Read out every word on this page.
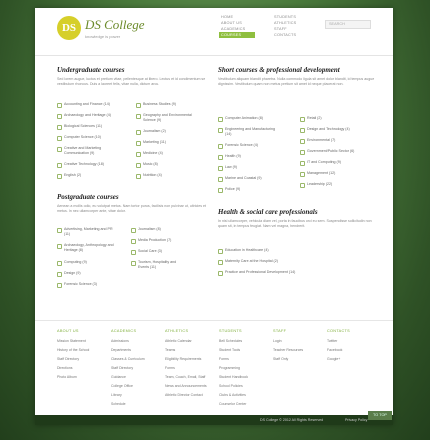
DS DS College
knowledge is power
HOME
ABOUT US
ACADEMICS
COURSES
STUDENTS
ATHLETICS
STAFF
CONTACTS
SEARCH
Undergraduate courses
Sed lorem augue, luctus et pretium vitae, pellentesque at libero. Lectus et id condimentum se vestibulum rhoncus. Duis a laoreet felis, vitae nulla, dictum arcu.
Accounting and Finance (14)
Archaeology and Heritage (4)
Biological Sciences (11)
Computer Science (10)
Creative and Marketing Communication (9)
Creative Technology (18)
English (2)
Business Studies (9)
Geography and Environmental Science (9)
Journalism (2)
Marketing (11)
Medicine (4)
Music (8)
Nutrition (4)
Short courses & professional development
Vestibulum aliquam blandit pharetra. Nulla commodo ligula sit amet dolor blandit, id tempus augue dignissim. Vestibulum quam non metus pretium sit amet id neque placerat non.
Computer Animation (8)
Engineering and Manufacturing (14)
Forensic Science (4)
Health (9)
Law (9)
Marine and Coastal (9)
Police (9)
Retail (2)
Design and Technology (4)
Environmental (7)
Government/Public Sector (6)
IT and Computing (9)
Management (12)
Leadership (22)
Postgraduate courses
Aenean a mollis odio, eu volutpat metus. Nam tortor purus, facilisis non pulvinar ut, ultricies et metus. In nec ullamcorper ante, vitae dolor.
Advertising, Marketing and PR (11)
Archaeology, Anthropology and Heritage (8)
Computing (9)
Design (9)
Forensic Science (3)
Journalism (8)
Media Production (7)
Social Care (3)
Tourism, Hospitality and Events (11)
Health & social care professionals
In nisi ullamcorper, vehicula diam vel, porta in faucibus orci eu sem. Suspendisse sollicitudin non quam sit, in tempus feugiat. Nam vel magna, hendrerit.
Education in Healthcare (4)
Maternity Care at the Hospital (2)
Practice and Professional Development (14)
ABOUT US
Mission Statement
History of the School
Staff Directory
Directions
Photo Album
ACADEMICS
Admissions
Departments
Classes & Curriculum
Staff Directory
Guidance
College Office
Library
Schedule
ATHLETICS
Athletic Calendar
Teams
Eligibility Requirements
Forms
Team, Coach, Email, Staff
News and Announcements
Athletic Director Contact
STUDENTS
Bell Schedules
Student Tools
Forms
Programming
Student Handbook
School Policies
Clubs & Activities
Counselor Center
STAFF
Login
Teacher Resources
Staff Only
CONTACTS
Twitter
Facebook
Google+
DS College © 2012 All Rights Reserved	Privacy Policy
TO TOP
